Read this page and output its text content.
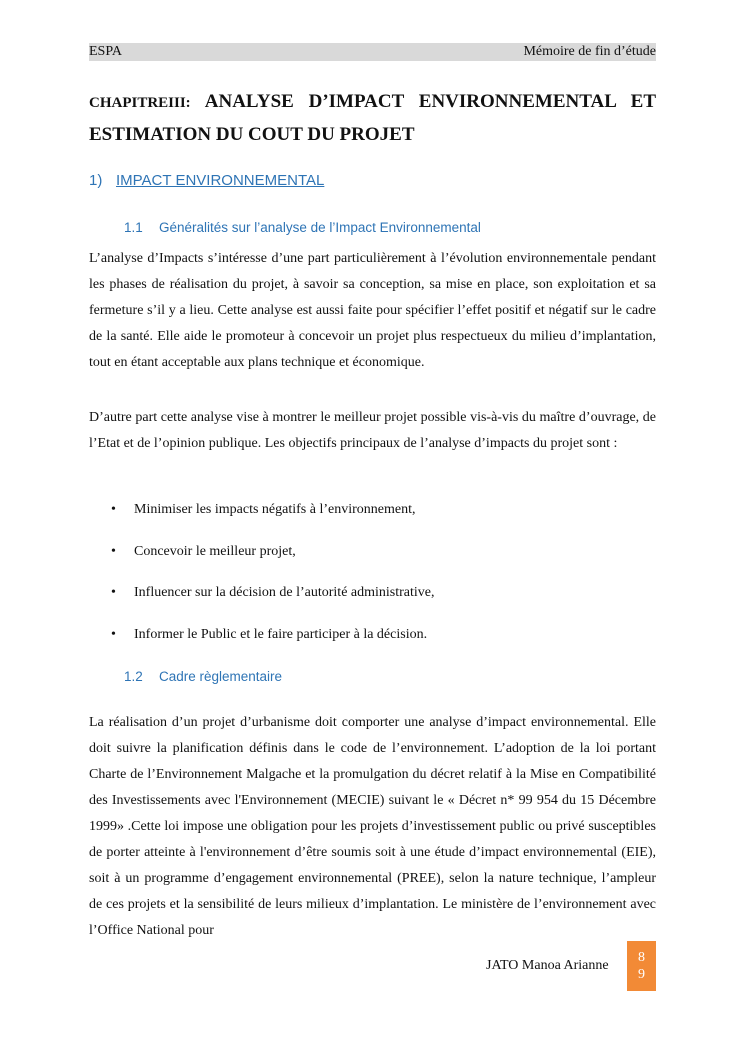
ESPA	Mémoire de fin d’étude
CHAPITREIII: ANALYSE D’IMPACT ENVIRONNEMENTAL ET ESTIMATION DU COUT DU PROJET
1) IMPACT ENVIRONNEMENTAL
1.1 Généralités sur l’analyse de l’Impact Environnemental

L’analyse d’Impacts s’intéresse d’une part particulièrement à l’évolution environnementale pendant les phases de réalisation du projet, à savoir sa conception, sa mise en place, son exploitation et sa fermeture s’il y a lieu. Cette analyse est aussi faite pour spécifier l’effet positif et négatif sur le cadre de la santé. Elle aide le promoteur à concevoir un projet plus respectueux du milieu d’implantation, tout en étant acceptable aux plans technique et économique.

D’autre part cette analyse vise à montrer le meilleur projet possible vis-à-vis du maître d’ouvrage, de l’Etat et de l’opinion publique. Les objectifs principaux de l’analyse d’impacts du projet sont :

• Minimiser les impacts négatifs à l’environnement,
• Concevoir le meilleur projet,
• Influencer sur la décision de l’autorité administrative,
• Informer le Public et le faire participer à la décision.
1.2 Cadre règlementaire

La réalisation d’un projet d’urbanisme doit comporter une analyse d’impact environnemental. Elle doit suivre la planification définis dans le code de l’environnement. L’adoption de la loi portant Charte de l’Environnement Malgache et la promulgation du décret relatif à la Mise en Compatibilité des Investissements avec l'Environnement (MECIE) suivant le « Décret n* 99 954 du 15 Décembre 1999» .Cette loi impose une obligation pour les projets d’investissement public ou privé susceptibles de porter atteinte à l'environnement d’être soumis soit à une étude d’impact environnemental (EIE), soit à un programme d’engagement environnemental (PREE), selon la nature technique, l’ampleur de ces projets et la sensibilité de leurs milieux d’implantation. Le ministère de l’environnement avec l’Office National pour

JATO Manoa Arianne
8
9
